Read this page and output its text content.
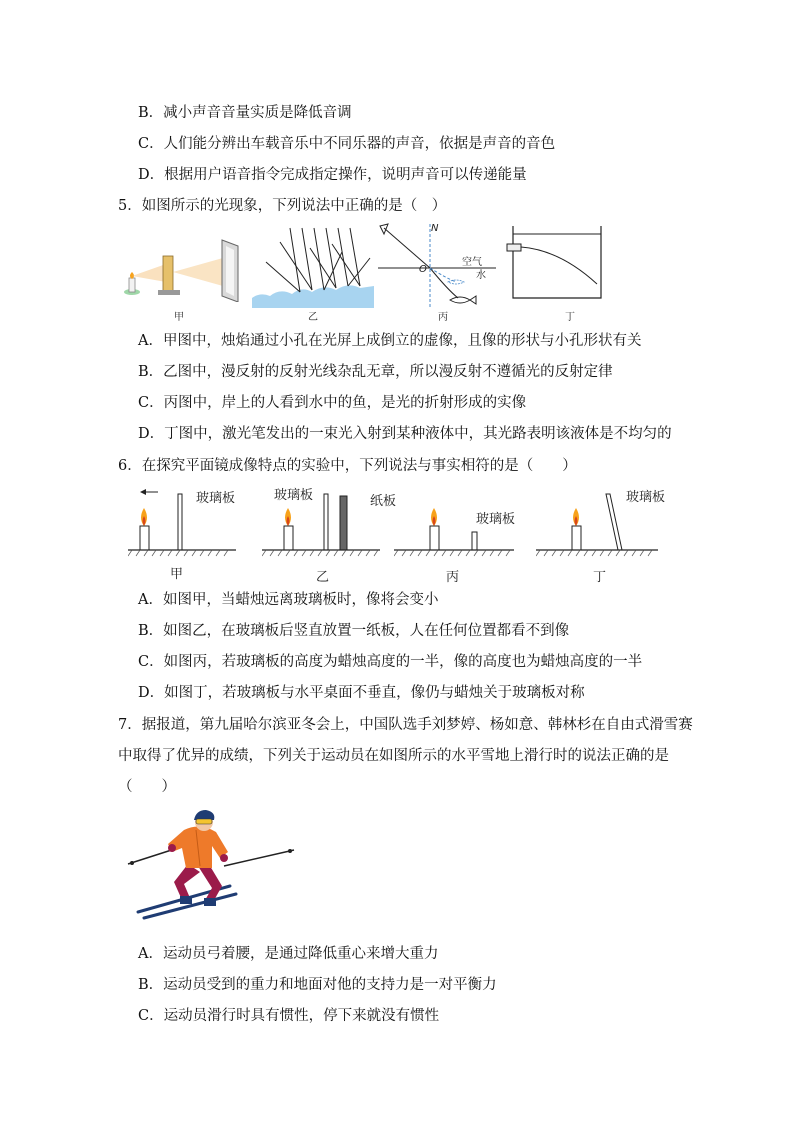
B．减小声音音量实质是降低音调
C．人们能分辨出车载音乐中不同乐器的声音，依据是声音的音色
D．根据用户语音指令完成指定操作，说明声音可以传递能量
5．如图所示的光现象，下列说法中正确的是（　）
甲	乙
N
O
空气
水
丙	丁
A．甲图中，烛焰通过小孔在光屏上成倒立的虚像，且像的形状与小孔形状有关
B．乙图中，漫反射的反射光线杂乱无章，所以漫反射不遵循光的反射定律
C．丙图中，岸上的人看到水中的鱼，是光的折射形成的实像
D．丁图中，激光笔发出的一束光入射到某种液体中，其光路表明该液体是不均匀的
6．在探究平面镜成像特点的实验中，下列说法与事实相符的是（　　）
玻璃板
甲
玻璃板	纸板
乙
玻璃板
丙
玻璃板
丁
A．如图甲，当蜡烛远离玻璃板时，像将会变小
B．如图乙，在玻璃板后竖直放置一纸板，人在任何位置都看不到像
C．如图丙，若玻璃板的高度为蜡烛高度的一半，像的高度也为蜡烛高度的一半
D．如图丁，若玻璃板与水平桌面不垂直，像仍与蜡烛关于玻璃板对称
7．据报道，第九届哈尔滨亚冬会上，中国队选手刘梦婷、杨如意、韩林杉在自由式滑雪赛
中取得了优异的成绩，下列关于运动员在如图所示的水平雪地上滑行时的说法正确的是
（　　）
A．运动员弓着腰，是通过降低重心来增大重力
B．运动员受到的重力和地面对他的支持力是一对平衡力
C．运动员滑行时具有惯性，停下来就没有惯性
